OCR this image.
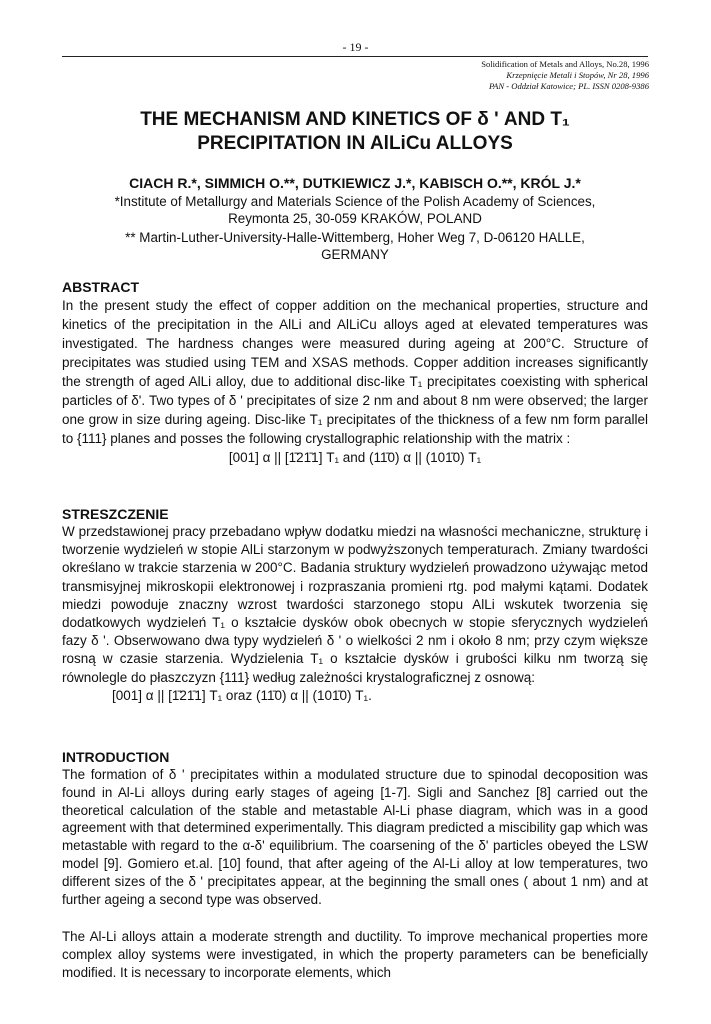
- 19 -
Solidification of Metals and Alloys, No.28, 1996
Krzepnięcie Metali i Stopów, Nr 28, 1996
PAN - Oddział Katowice; PL. ISSN 0208-9386
THE MECHANISM AND KINETICS OF δ ' AND T₁
PRECIPITATION IN AlLiCu ALLOYS
CIACH R.*, SIMMICH O.**, DUTKIEWICZ J.*, KABISCH O.**, KRÓL J.*
*Institute of Metallurgy and Materials Science of the Polish Academy of Sciences,
Reymonta 25, 30-059 KRAKÓW, POLAND
** Martin-Luther-University-Halle-Wittemberg, Hoher Weg 7, D-06120 HALLE,
GERMANY
ABSTRACT

In the present study the effect of copper addition on the mechanical properties, structure and kinetics of the precipitation in the AlLi and AlLiCu alloys aged at elevated temperatures was investigated. The hardness changes were measured during ageing at 200°C. Structure of precipitates was studied using TEM and XSAS methods. Copper addition increases significantly the strength of aged AlLi alloy, due to additional disc-like T₁ precipitates coexisting with spherical particles of δ'. Two types of δ ' precipitates of size 2 nm and about 8 nm were observed; the larger one grow in size during ageing. Disc-like T₁ precipitates of the thickness of a few nm form parallel to {111} planes and posses the following crystallographic relationship with the matrix :
[001] α || [1̄21̄1] T₁ and (11̄0) α || (101̄0) T₁

STRESZCZENIE

W przedstawionej pracy przebadano wpływ dodatku miedzi na własności mechaniczne, strukturę i tworzenie wydzieleń w stopie AlLi starzonym w podwyższonych temperaturach. Zmiany twardości określano w trakcie starzenia w 200°C. Badania struktury wydzieleń prowadzono używając metod transmisyjnej mikroskopii elektronowej i rozpraszania promieni rtg. pod małymi kątami. Dodatek miedzi powoduje znaczny wzrost twardości starzonego stopu AlLi wskutek tworzenia się dodatkowych wydzieleń T₁ o kształcie dysków obok obecnych w stopie sferycznych wydzieleń fazy δ '. Obserwowano dwa typy wydzieleń δ ' o wielkości 2 nm i około 8 nm; przy czym większe rosną w czasie starzenia. Wydzielenia T₁ o kształcie dysków i grubości kilku nm tworzą się równolegle do płaszczyzn {111} według zależności krystalograficznej z osnową:
[001] α || [1̄21̄1] T₁ oraz (11̄0) α || (101̄0) T₁.

INTRODUCTION

The formation of δ ' precipitates within a modulated structure due to spinodal decoposition was found in Al-Li alloys during early stages of ageing [1-7]. Sigli and Sanchez [8] carried out the theoretical calculation of the stable and metastable Al-Li phase diagram, which was in a good agreement with that determined experimentally. This diagram predicted a miscibility gap which was metastable with regard to the α-δ' equilibrium. The coarsening of the δ' particles obeyed the LSW model [9]. Gomiero et.al. [10] found, that after ageing of the Al-Li alloy at low temperatures, two different sizes of the δ ' precipitates appear, at the beginning the small ones ( about 1 nm) and at further ageing a second type was observed.

The Al-Li alloys attain a moderate strength and ductility. To improve mechanical properties more complex alloy systems were investigated, in which the property parameters can be beneficially modified. It is necessary to incorporate elements, which
